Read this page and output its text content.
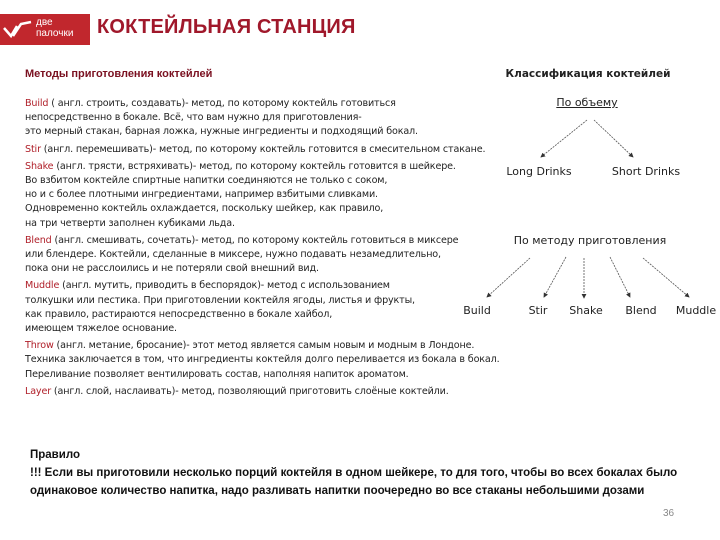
две
палочки КОКТЕЙЛЬНАЯ СТАНЦИЯ
Методы приготовления коктейлей
Build ( англ. строить, создавать)- метод, по которому коктейль готовиться
непосредственно в бокале. Всё, что вам нужно для приготовления-
это мерный стакан, барная ложка, нужные ингредиенты и подходящий бокал.
Stir (англ. перемешивать)- метод, по которому коктейль готовится в смесительном стакане.
Shake (англ. трясти, встряхивать)- метод, по которому коктейль готовится в шейкере.
Во взбитом коктейле спиртные напитки соединяются не только с соком,
но и с более плотными ингредиентами, например взбитыми сливками.
Одновременно коктейль охлаждается, поскольку шейкер, как правило,
на три четверти заполнен кубиками льда.
Blend (англ. смешивать, сочетать)- метод, по которому коктейль готовиться в миксере
или блендере. Коктейли, сделанные в миксере, нужно подавать незамедлительно,
пока они не расслоились и не потеряли свой внешний вид.
Muddle (англ. мутить, приводить в беспорядок)- метод с использованием
толкушки или пестика. При приготовлении коктейля ягоды, листья и фрукты,
как правило, растираются непосредственно в бокале хайбол,
имеющем тяжелое основание.
Throw (англ. метание, бросание)- этот метод является самым новым и модным в Лондоне.
Техника заключается в том, что ингредиенты коктейля долго переливается из бокала в бокал.
Переливание позволяет вентилировать состав, наполняя напиток ароматом.
Layer (англ. слой, наслаивать)- метод, позволяющий приготовить слоёные коктейли.
Классификация коктейлей
По объему
Long Drinks	Short Drinks
По методу приготовления
Build	Stir Shake Blend Muddle
Правило
!!! Если вы приготовили несколько порций коктейля в одном шейкере, то для того, чтобы во всех бокалах было одинаковое количество напитка, надо разливать напитки поочередно во все стаканы небольшими дозами
36
